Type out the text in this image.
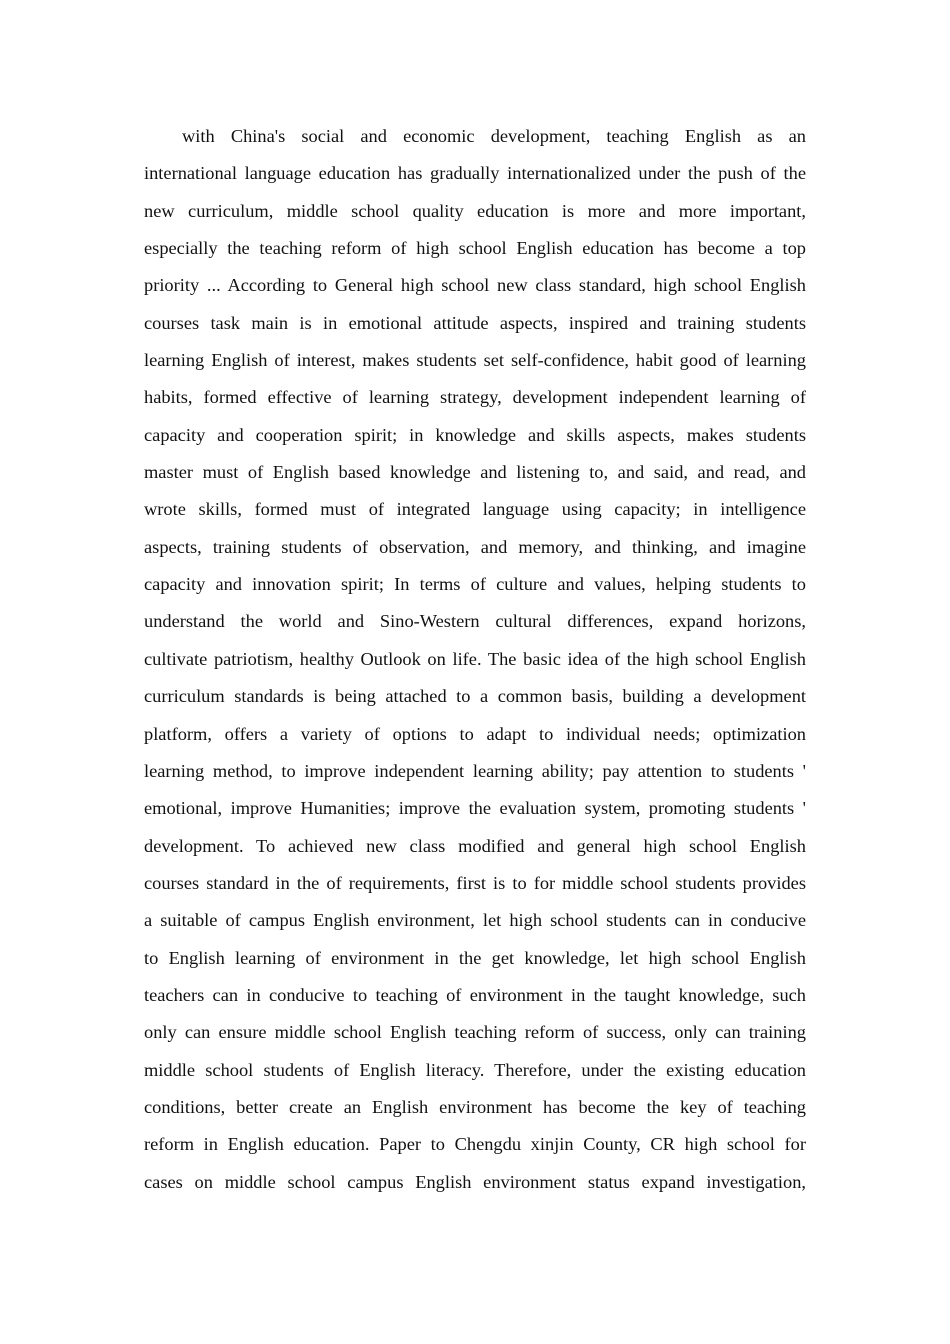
with China's social and economic development, teaching English as an
international language education has gradually internationalized under the push of the
new curriculum, middle school quality education is more and more important,
especially the teaching reform of high school English education has become a top
priority ... According to General high school new class standard, high school English
courses task main is in emotional attitude aspects, inspired and training students
learning English of interest, makes students set self-confidence, habit good of learning
habits, formed effective of learning strategy, development independent learning of
capacity and cooperation spirit; in knowledge and skills aspects, makes students
master must of English based knowledge and listening to, and said, and read, and
wrote skills, formed must of integrated language using capacity; in intelligence
aspects, training students of observation, and memory, and thinking, and imagine
capacity and innovation spirit; In terms of culture and values, helping students to
understand the world and Sino-Western cultural differences, expand horizons,
cultivate patriotism, healthy Outlook on life. The basic idea of the high school English
curriculum standards is being attached to a common basis, building a development
platform, offers a variety of options to adapt to individual needs; optimization
learning method, to improve independent learning ability; pay attention to students '
emotional, improve Humanities; improve the evaluation system, promoting students '
development. To achieved new class modified and general high school English
courses standard in the of requirements, first is to for middle school students provides
a suitable of campus English environment, let high school students can in conducive
to English learning of environment in the get knowledge, let high school English
teachers can in conducive to teaching of environment in the taught knowledge, such
only can ensure middle school English teaching reform of success, only can training
middle school students of English literacy. Therefore, under the existing education
conditions, better create an English environment has become the key of teaching
reform in English education. Paper to Chengdu xinjin County, CR high school for
cases on middle school campus English environment status expand investigation,
